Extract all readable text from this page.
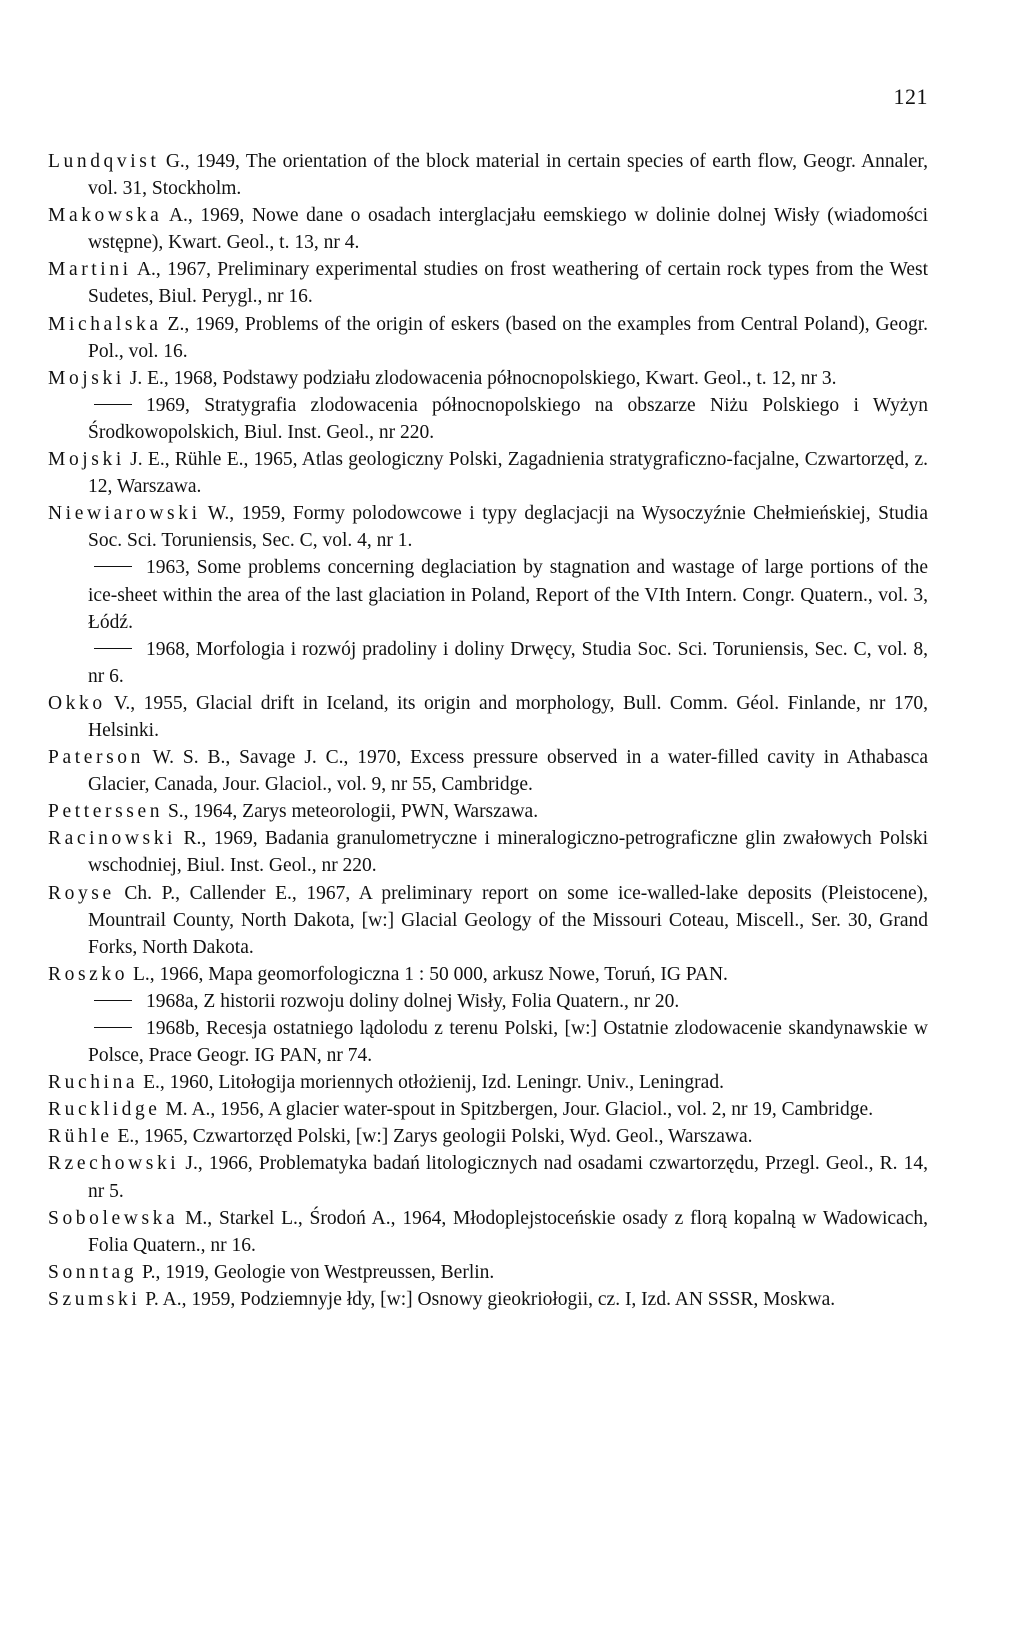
121

Lundqvist G., 1949, The orientation of the block material in certain species of earth flow, Geogr. Annaler, vol. 31, Stockholm.

Makowska A., 1969, Nowe dane o osadach interglacjału eemskiego w dolinie dolnej Wisły (wiadomości wstępne), Kwart. Geol., t. 13, nr 4.

Martini A., 1967, Preliminary experimental studies on frost weathering of certain rock types from the West Sudetes, Biul. Perygl., nr 16.

Michalska Z., 1969, Problems of the origin of eskers (based on the examples from Central Poland), Geogr. Pol., vol. 16.

Mojski J. E., 1968, Podstawy podziału zlodowacenia północnopolskiego, Kwart. Geol., t. 12, nr 3.

1969, Stratygrafia zlodowacenia północnopolskiego na obszarze Niżu Polskiego i Wyżyn Środkowopolskich, Biul. Inst. Geol., nr 220.

Mojski J. E., Rühle E., 1965, Atlas geologiczny Polski, Zagadnienia stratygraficzno-facjalne, Czwartorzęd, z. 12, Warszawa.

Niewiarowski W., 1959, Formy polodowcowe i typy deglacjacji na Wysoczyźnie Chełmieńskiej, Studia Soc. Sci. Toruniensis, Sec. C, vol. 4, nr 1.

1963, Some problems concerning deglaciation by stagnation and wastage of large portions of the ice-sheet within the area of the last glaciation in Poland, Report of the VIth Intern. Congr. Quatern., vol. 3, Łódź.

1968, Morfologia i rozwój pradoliny i doliny Drwęcy, Studia Soc. Sci. Toruniensis, Sec. C, vol. 8, nr 6.

Okko V., 1955, Glacial drift in Iceland, its origin and morphology, Bull. Comm. Géol. Finlande, nr 170, Helsinki.

Paterson W. S. B., Savage J. C., 1970, Excess pressure observed in a water-filled cavity in Athabasca Glacier, Canada, Jour. Glaciol., vol. 9, nr 55, Cambridge.

Petterssen S., 1964, Zarys meteorologii, PWN, Warszawa.

Racinowski R., 1969, Badania granulometryczne i mineralogiczno-petrograficzne glin zwałowych Polski wschodniej, Biul. Inst. Geol., nr 220.

Royse Ch. P., Callender E., 1967, A preliminary report on some ice-walled-lake deposits (Pleistocene), Mountrail County, North Dakota, [w:] Glacial Geology of the Missouri Coteau, Miscell., Ser. 30, Grand Forks, North Dakota.

Roszko L., 1966, Mapa geomorfologiczna 1 : 50 000, arkusz Nowe, Toruń, IG PAN.

1968a, Z historii rozwoju doliny dolnej Wisły, Folia Quatern., nr 20.

1968b, Recesja ostatniego lądolodu z terenu Polski, [w:] Ostatnie zlodowacenie skandynawskie w Polsce, Prace Geogr. IG PAN, nr 74.

Ruchina E., 1960, Litołogija moriennych otłożienij, Izd. Leningr. Univ., Leningrad.

Rucklidge M. A., 1956, A glacier water-spout in Spitzbergen, Jour. Glaciol., vol. 2, nr 19, Cambridge.

Rühle E., 1965, Czwartorzęd Polski, [w:] Zarys geologii Polski, Wyd. Geol., Warszawa.

Rzechowski J., 1966, Problematyka badań litologicznych nad osadami czwartorzędu, Przegl. Geol., R. 14, nr 5.

Sobolewska M., Starkel L., Środoń A., 1964, Młodoplejstoceńskie osady z florą kopalną w Wadowicach, Folia Quatern., nr 16.

Sonntag P., 1919, Geologie von Westpreussen, Berlin.

Szumski P. A., 1959, Podziemnyje łdy, [w:] Osnowy gieokriołogii, cz. I, Izd. AN SSSR, Moskwa.
